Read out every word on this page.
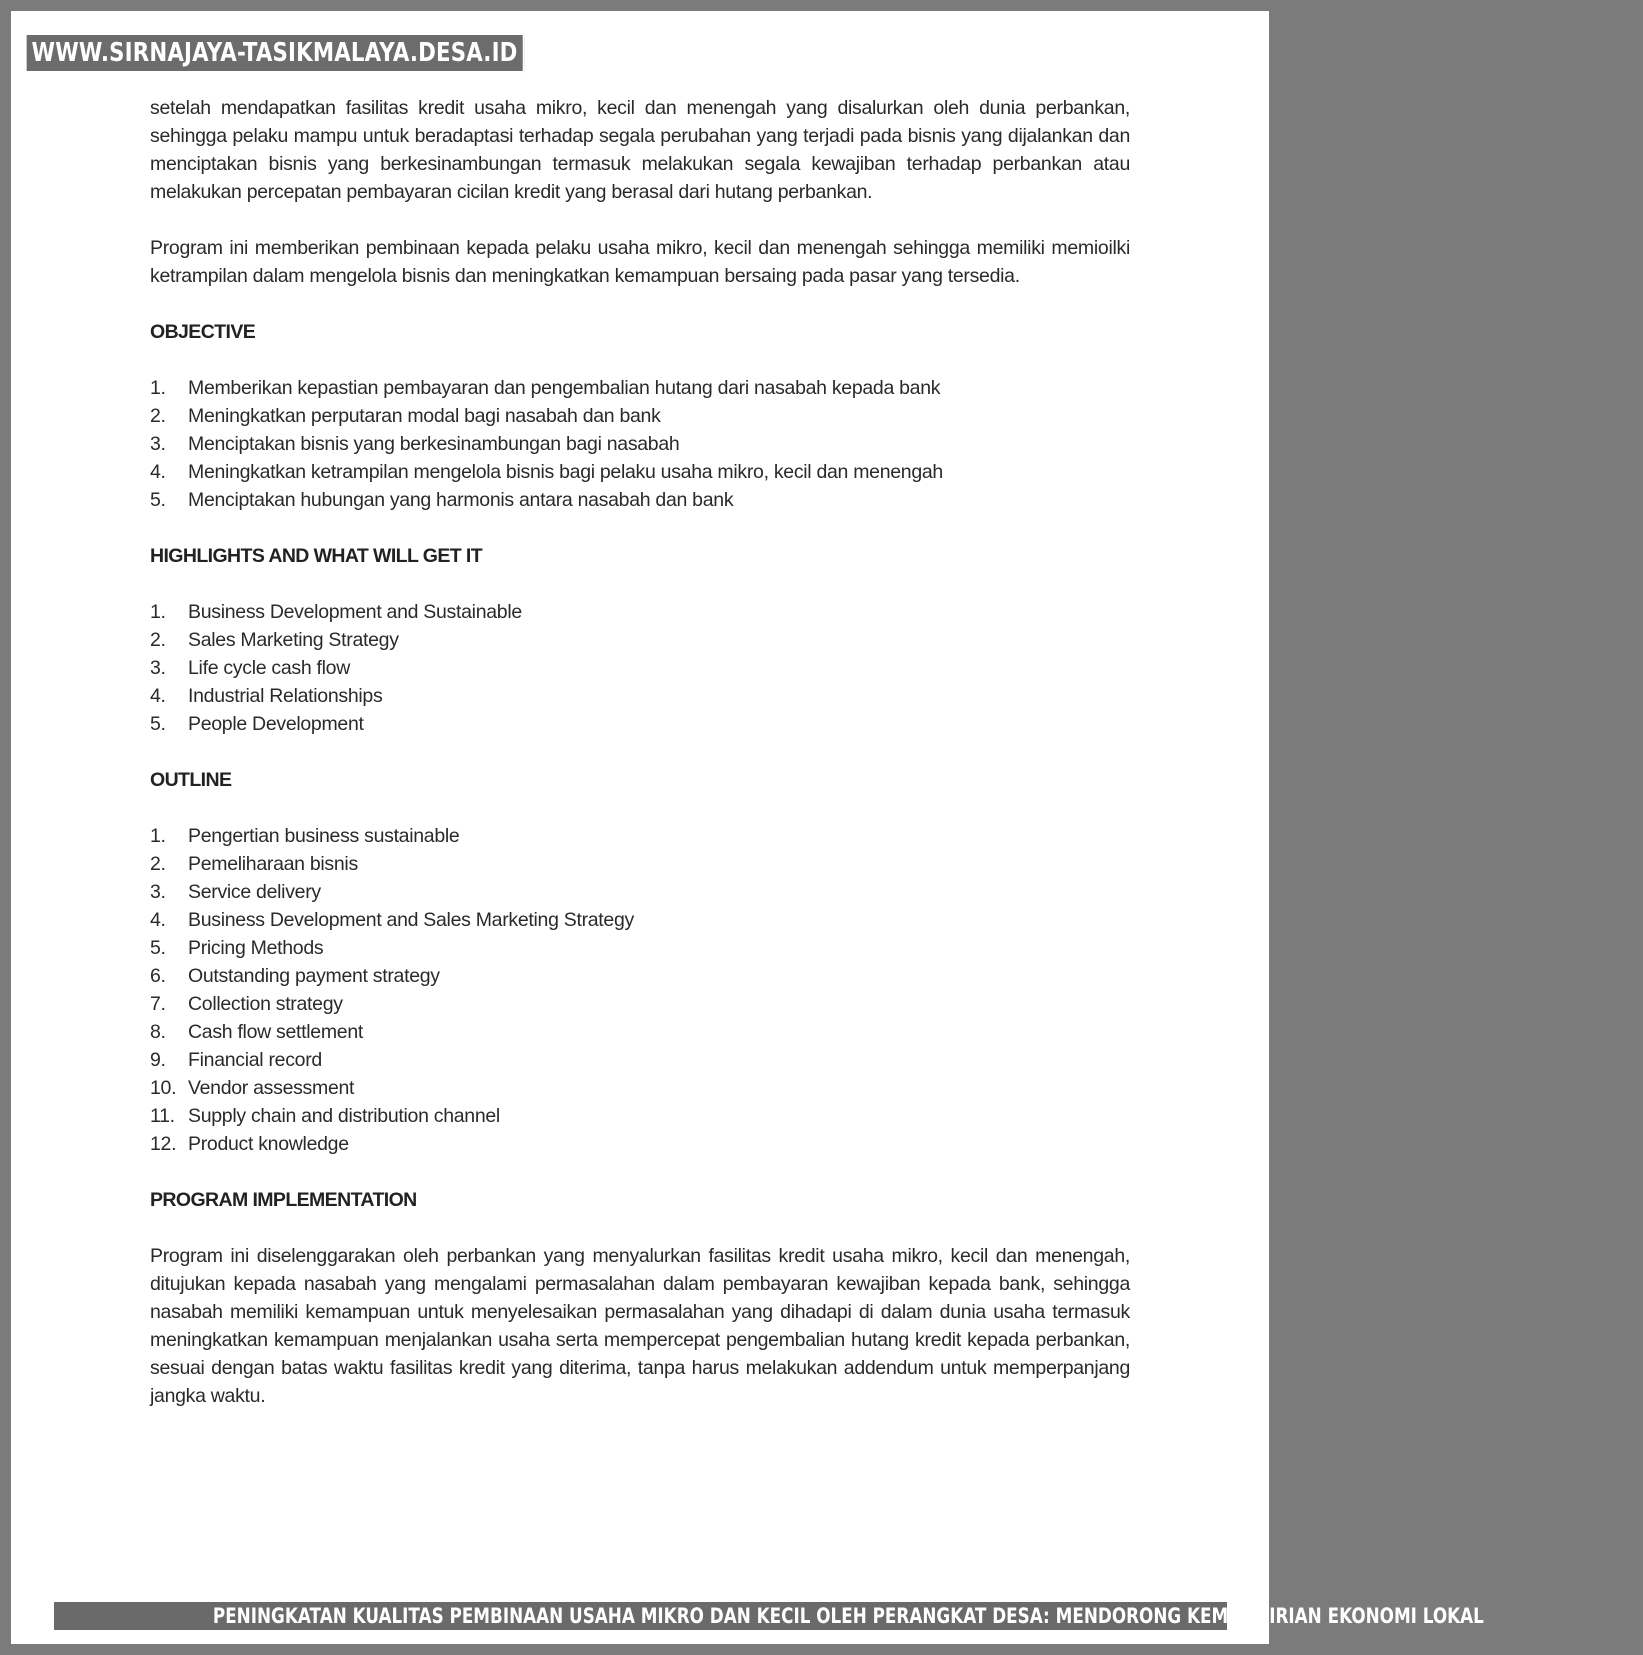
WWW.SIRNAJAYA-TASIKMALAYA.DESA.ID

setelah mendapatkan fasilitas kredit usaha mikro, kecil dan menengah yang disalurkan oleh dunia perbankan, sehingga pelaku mampu untuk beradaptasi terhadap segala perubahan yang terjadi pada bisnis yang dijalankan dan menciptakan bisnis yang berkesinambungan termasuk melakukan segala kewajiban terhadap perbankan atau melakukan percepatan pembayaran cicilan kredit yang berasal dari hutang perbankan.

Program ini memberikan pembinaan kepada pelaku usaha mikro, kecil dan menengah sehingga memiliki memioilki ketrampilan dalam mengelola bisnis dan meningkatkan kemampuan bersaing pada pasar yang tersedia.

OBJECTIVE
1.	Memberikan kepastian pembayaran dan pengembalian hutang dari nasabah kepada bank
2.	Meningkatkan perputaran modal bagi nasabah dan bank
3.	Menciptakan bisnis yang berkesinambungan bagi nasabah
4.	Meningkatkan ketrampilan mengelola bisnis bagi pelaku usaha mikro, kecil dan menengah
5.	Menciptakan hubungan yang harmonis antara nasabah dan bank
HIGHLIGHTS AND WHAT WILL GET IT
1.	Business Development and Sustainable
2.	Sales Marketing Strategy
3.	Life cycle cash flow
4.	Industrial Relationships
5.	People Development
OUTLINE
1.	Pengertian business sustainable
2.	Pemeliharaan bisnis
3.	Service delivery
4.	Business Development and Sales Marketing Strategy
5.	Pricing Methods
6.	Outstanding payment strategy
7.	Collection strategy
8.	Cash flow settlement
9.	Financial record
10. Vendor assessment
11. Supply chain and distribution channel
12. Product knowledge
PROGRAM IMPLEMENTATION

Program ini diselenggarakan oleh perbankan yang menyalurkan fasilitas kredit usaha mikro, kecil dan menengah, ditujukan kepada nasabah yang mengalami permasalahan dalam pembayaran kewajiban kepada bank, sehingga nasabah memiliki kemampuan untuk menyelesaikan permasalahan yang dihadapi di dalam dunia usaha termasuk meningkatkan kemampuan menjalankan usaha serta mempercepat pengembalian hutang kredit kepada perbankan, sesuai dengan batas waktu fasilitas kredit yang diterima, tanpa harus melakukan addendum untuk memperpanjang jangka waktu.

PENINGKATAN KUALITAS PEMBINAAN USAHA MIKRO DAN KECIL OLEH PERANGKAT DESA: MENDORONG KEMANDIRIAN EKONOMI LOKAL
